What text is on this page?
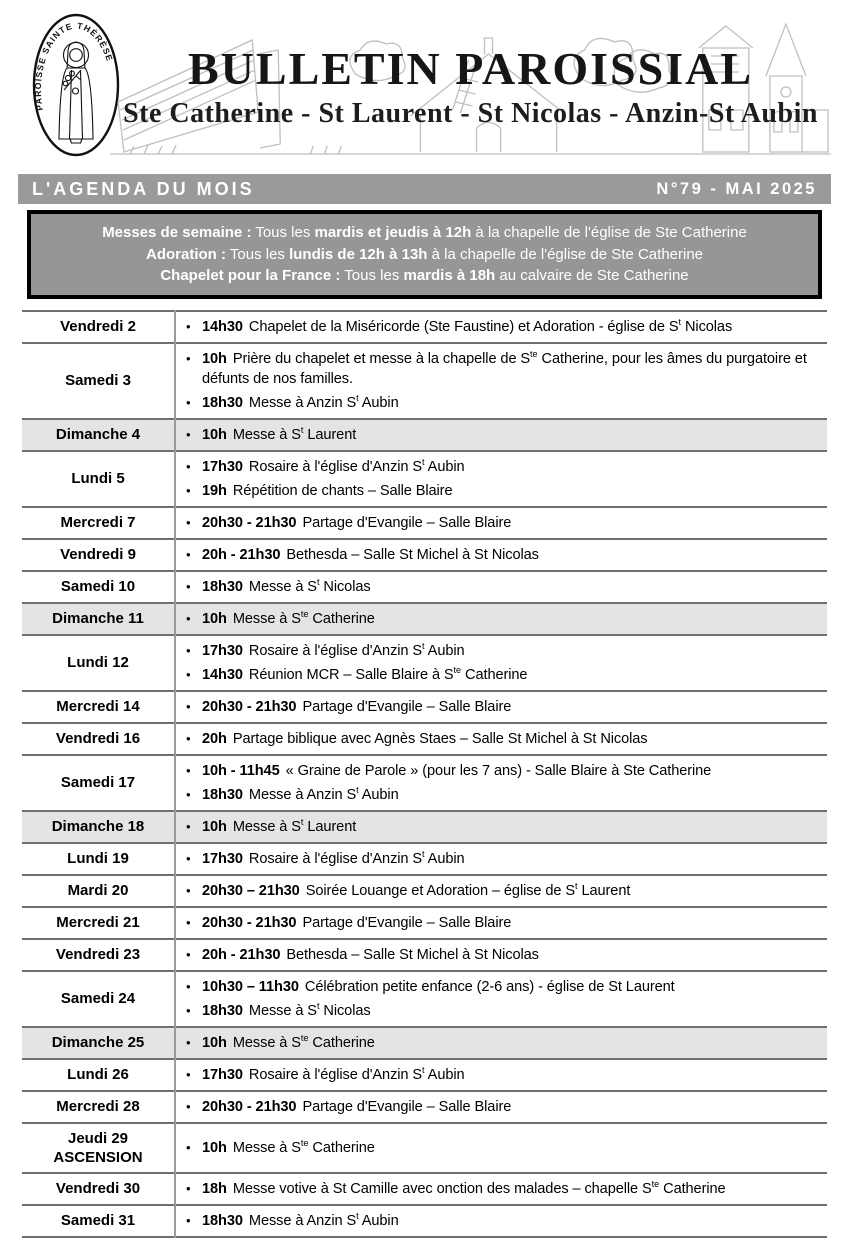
PAROISSE SAINTE THÉRÈSE	BULLETIN PAROISSIAL
Ste Catherine - St Laurent - St Nicolas - Anzin-St Aubin
L'AGENDA DU MOIS	N°79 - MAI 2025

Messes de semaine : Tous les mardis et jeudis à 12h à la chapelle de l'église de Ste Catherine

Adoration : Tous les lundis de 12h à 13h à la chapelle de l'église de Ste Catherine

Chapelet pour la France : Tous les mardis à 18h au calvaire de Ste Catherine

Vendredi 2	• 14h30 Chapelet de la Miséricorde (Ste Faustine) et Adoration - église de $S^t$ Nicolas

Samedi 3	• 10h Prière du chapelet et messe à la chapelle de $S^{te}$ Catherine, pour les âmes du purgatoire et défunts de nos familles.
• 18h30 Messe à Anzin $S^t$ Aubin

Dimanche 4	• 10h Messe à $S^t$ Laurent

Lundi 5	• 17h30 Rosaire à l'église d'Anzin $S^t$ Aubin
• 19h Répétition de chants – Salle Blaire

Mercredi 7	• 20h30 - 21h30 Partage d'Evangile – Salle Blaire

Vendredi 9	• 20h - 21h30 Bethesda – Salle St Michel à St Nicolas

Samedi 10	• 18h30 Messe à $S^t$ Nicolas

Dimanche 11	• 10h Messe à $S^{te}$ Catherine

Lundi 12	• 17h30 Rosaire à l'église d'Anzin $S^t$ Aubin
• 14h30 Réunion MCR – Salle Blaire à $S^{te}$ Catherine

Mercredi 14	• 20h30 - 21h30 Partage d'Evangile – Salle Blaire

Vendredi 16	• 20h Partage biblique avec Agnès Staes – Salle St Michel à St Nicolas

Samedi 17	• 10h - 11h45 « Graine de Parole » (pour les 7 ans) - Salle Blaire à Ste Catherine
• 18h30 Messe à Anzin $S^t$ Aubin

Dimanche 18	• 10h Messe à $S^t$ Laurent

Lundi 19	• 17h30 Rosaire à l'église d'Anzin $S^t$ Aubin

Mardi 20	• 20h30 – 21h30 Soirée Louange et Adoration – église de $S^t$ Laurent

Mercredi 21	• 20h30 - 21h30 Partage d'Evangile – Salle Blaire

Vendredi 23	• 20h - 21h30 Bethesda – Salle St Michel à St Nicolas

Samedi 24	• 10h30 – 11h30 Célébration petite enfance (2-6 ans) - église de St Laurent
• 18h30 Messe à $S^t$ Nicolas

Dimanche 25	• 10h Messe à $S^{te}$ Catherine

Lundi 26	• 17h30 Rosaire à l'église d'Anzin $S^t$ Aubin

Mercredi 28	• 20h30 - 21h30 Partage d'Evangile – Salle Blaire

Jeudi 29
ASCENSION	• 10h Messe à $S^{te}$ Catherine

Vendredi 30	• 18h Messe votive à St Camille avec onction des malades – chapelle $S^{te}$ Catherine

Samedi 31	• 18h30 Messe à Anzin $S^t$ Aubin
